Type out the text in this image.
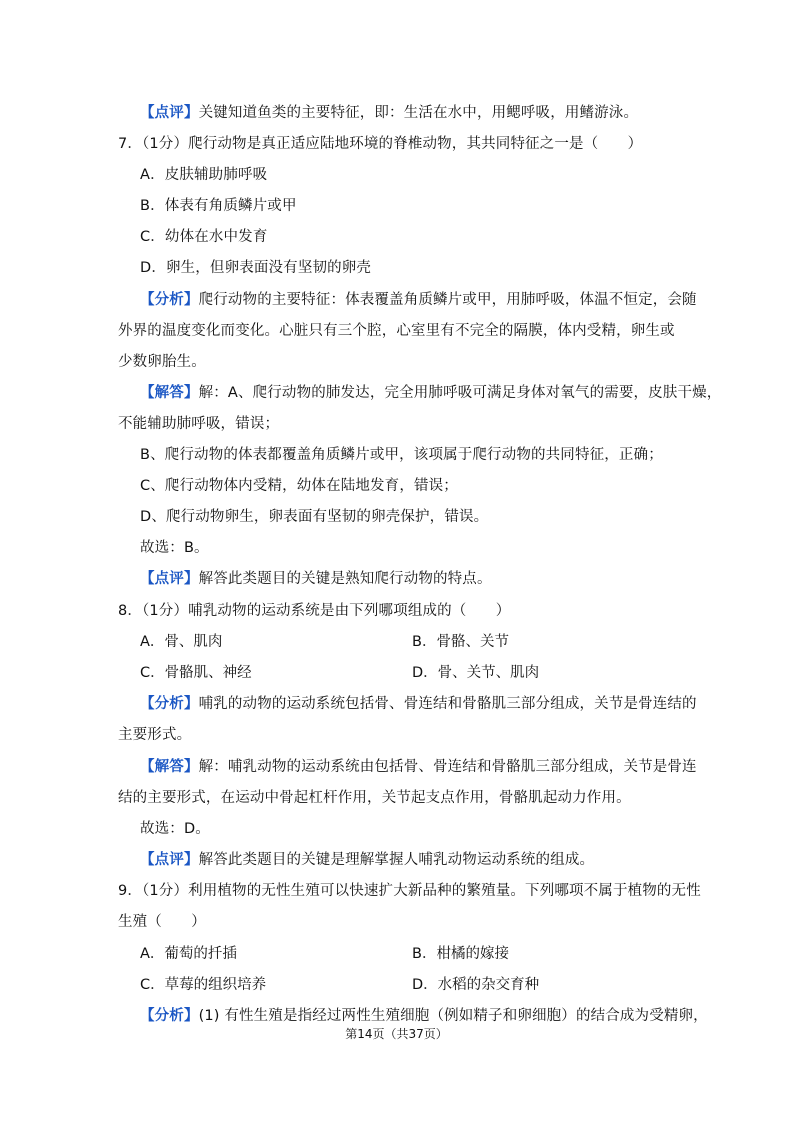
【点评】关键知道鱼类的主要特征，即：生活在水中，用鳃呼吸，用鳍游泳。
7．（1分）爬行动物是真正适应陆地环境的脊椎动物，其共同特征之一是（　　）
A．皮肤辅助肺呼吸
B．体表有角质鳞片或甲
C．幼体在水中发育
D．卵生，但卵表面没有坚韧的卵壳
【分析】爬行动物的主要特征：体表覆盖角质鳞片或甲，用肺呼吸，体温不恒定，会随
外界的温度变化而变化。心脏只有三个腔，心室里有不完全的隔膜，体内受精，卵生或
少数卵胎生。
【解答】解：A、爬行动物的肺发达，完全用肺呼吸可满足身体对氧气的需要，皮肤干燥，
不能辅助肺呼吸，错误；
B、爬行动物的体表都覆盖角质鳞片或甲，该项属于爬行动物的共同特征，正确；
C、爬行动物体内受精，幼体在陆地发育，错误；
D、爬行动物卵生，卵表面有坚韧的卵壳保护，错误。
故选：B。
【点评】解答此类题目的关键是熟知爬行动物的特点。
8．（1分）哺乳动物的运动系统是由下列哪项组成的（　　）
A．骨、肌肉	B．骨骼、关节
C．骨骼肌、神经	D．骨、关节、肌肉
【分析】哺乳的动物的运动系统包括骨、骨连结和骨骼肌三部分组成，关节是骨连结的
主要形式。
【解答】解：哺乳动物的运动系统由包括骨、骨连结和骨骼肌三部分组成，关节是骨连
结的主要形式，在运动中骨起杠杆作用，关节起支点作用，骨骼肌起动力作用。
故选：D。
【点评】解答此类题目的关键是理解掌握人哺乳动物运动系统的组成。
9．（1分）利用植物的无性生殖可以快速扩大新品种的繁殖量。下列哪项不属于植物的无性
生殖（　　）
A．葡萄的扦插	B．柑橘的嫁接
C．草莓的组织培养	D．水稻的杂交育种
【分析】(1) 有性生殖是指经过两性生殖细胞（例如精子和卵细胞）的结合成为受精卵，
第14页（共37页）
